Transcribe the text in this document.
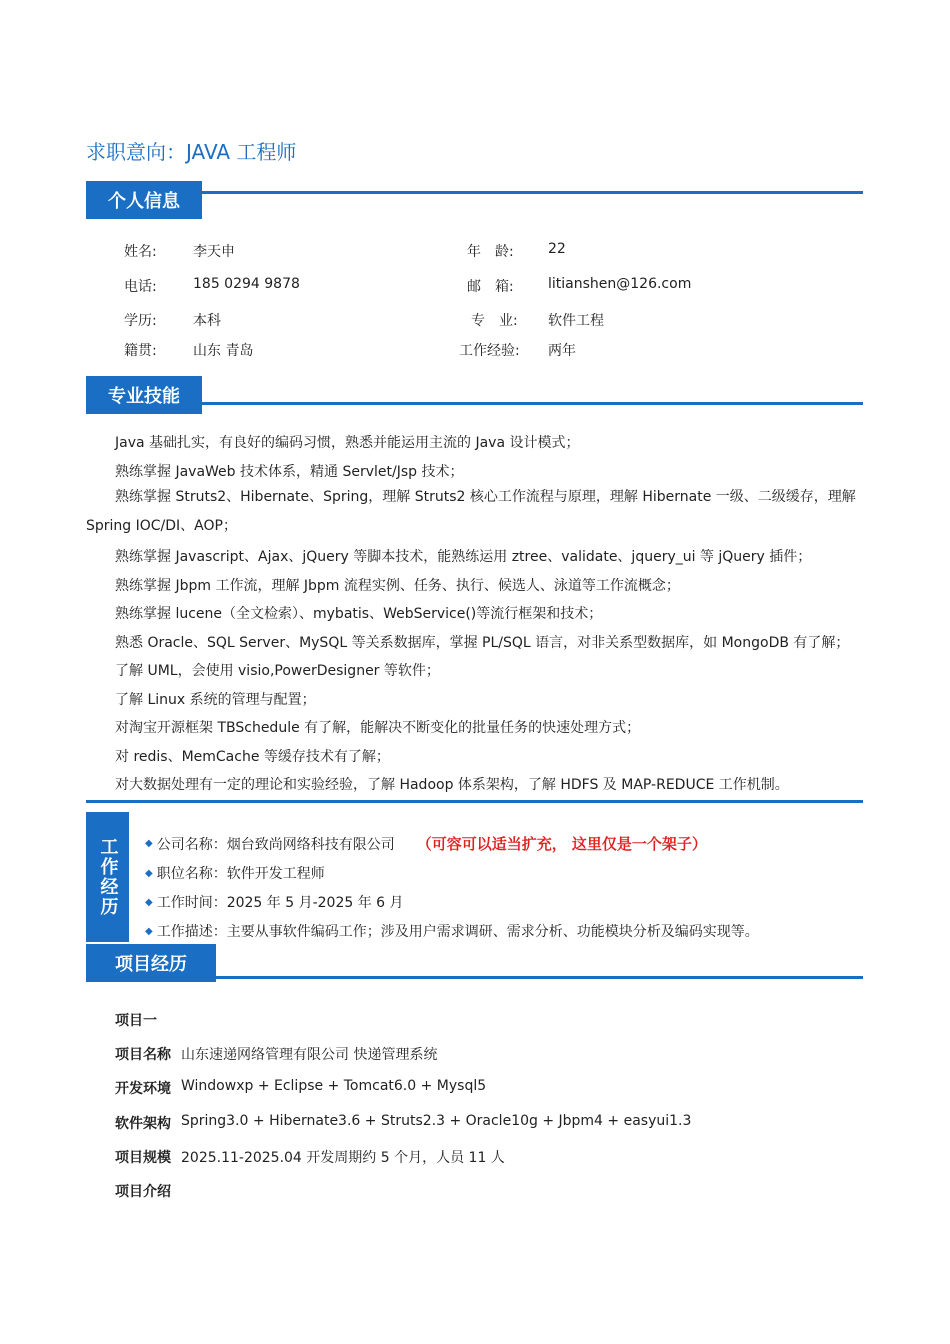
求职意向：JAVA 工程师
个人信息
姓名:	李天申	年　龄: 22
电话:	185 0294 9878	邮　箱: litianshen@126.com
学历:	本科	专　业: 软件工程
籍贯:	山东 青岛	工作经验: 两年
专业技能
Java 基础扎实，有良好的编码习惯，熟悉并能运用主流的 Java 设计模式；
熟练掌握 JavaWeb 技术体系，精通 Servlet/Jsp 技术；
熟练掌握 Struts2、Hibernate、Spring，理解 Struts2 核心工作流程与原理，理解 Hibernate 一级、二级缓存，理解 Spring IOC/DI、AOP；
熟练掌握 Javascript、Ajax、jQuery 等脚本技术，能熟练运用 ztree、validate、jquery_ui 等 jQuery 插件；
熟练掌握 Jbpm 工作流，理解 Jbpm 流程实例、任务、执行、候选人、泳道等工作流概念；
熟练掌握 lucene（全文检索）、mybatis、WebService()等流行框架和技术；
熟悉 Oracle、SQL Server、MySQL 等关系数据库，掌握 PL/SQL 语言，对非关系型数据库，如 MongoDB 有了解；
了解 UML，会使用 visio,PowerDesigner 等软件；
了解 Linux 系统的管理与配置；
对淘宝开源框架 TBSchedule 有了解，能解决不断变化的批量任务的快速处理方式；
对 redis、MemCache 等缓存技术有了解；
对大数据处理有一定的理论和实验经验，了解 Hadoop 体系架构，了解 HDFS 及 MAP-REDUCE 工作机制。
工作经历	◆ 公司名称：烟台致尚网络科技有限公司 （可容可以适当扩充， 这里仅是一个架子）
◆ 职位名称：软件开发工程师
◆ 工作时间：2025 年 5 月-2025 年 6 月
◆ 工作描述：主要从事软件编码工作；涉及用户需求调研、需求分析、功能模块分析及编码实现等。
项目经历
项目一
项目名称 山东速递网络管理有限公司 快递管理系统
开发环境 Windowxp + Eclipse + Tomcat6.0 + Mysql5
软件架构 Spring3.0 + Hibernate3.6 + Struts2.3 + Oracle10g + Jbpm4 + easyui1.3
项目规模 2025.11-2025.04 开发周期约 5 个月，人员 11 人
项目介绍
